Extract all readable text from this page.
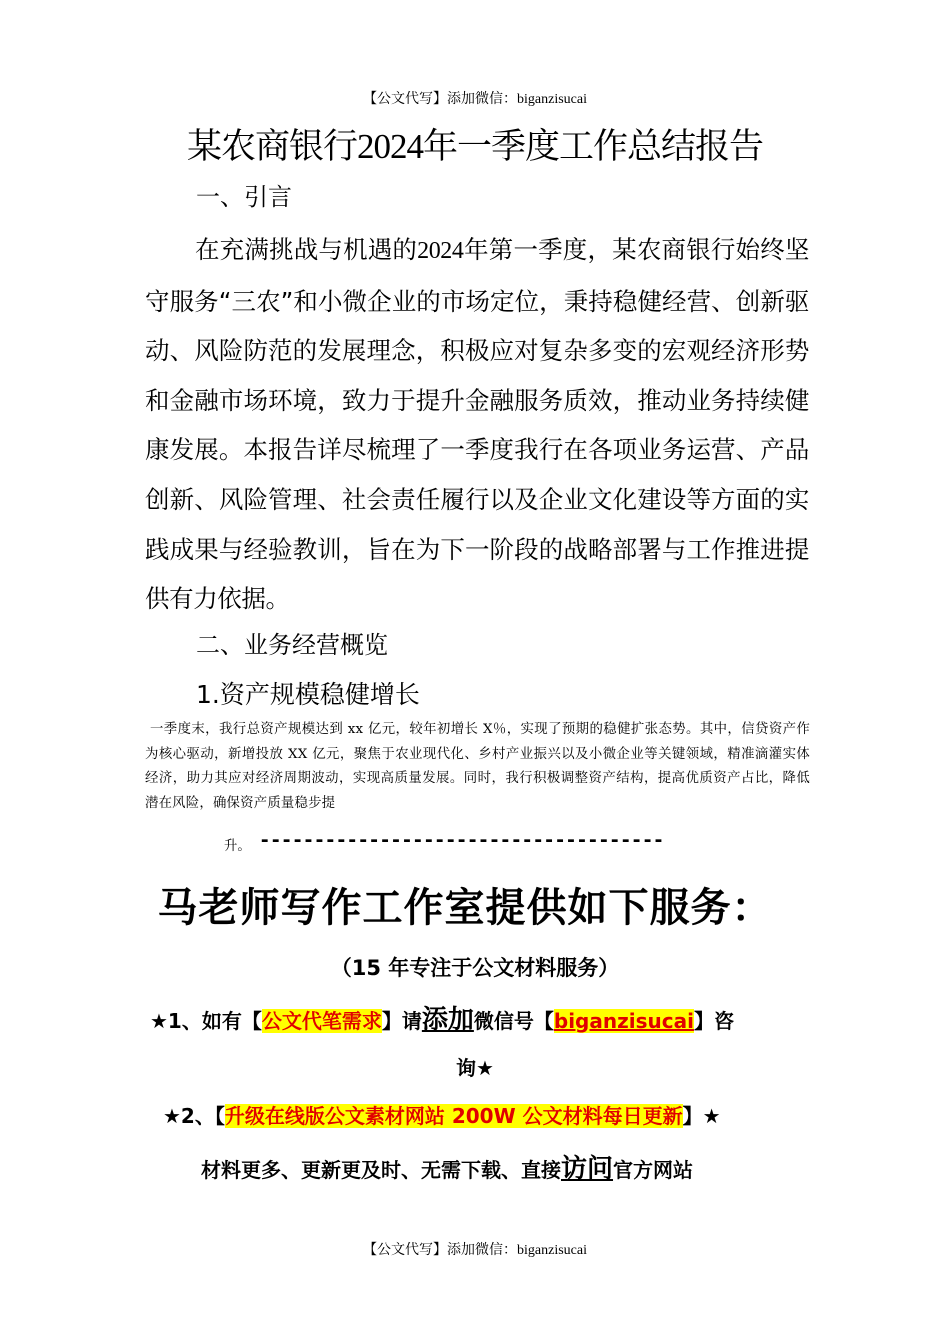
【公文代写】添加微信：biganzisucai
某农商银行2024年一季度工作总结报告
一、引言

在充满挑战与机遇的2024年第一季度，某农商银行始终坚守服务“三农”和小微企业的市场定位，秉持稳健经营、创新驱动、风险防范的发展理念，积极应对复杂多变的宏观经济形势和金融市场环境，致力于提升金融服务质效，推动业务持续健康发展。本报告详尽梳理了一季度我行在各项业务运营、产品创新、风险管理、社会责任履行以及企业文化建设等方面的实践成果与经验教训，旨在为下一阶段的战略部署与工作推进提供有力依据。

二、业务经营概览
1.资产规模稳健增长

一季度末，我行总资产规模达到 xx 亿元，较年初增长 X％，实现了预期的稳健扩张态势。其中，信贷资产作为核心驱动，新增投放 XX 亿元，聚焦于农业现代化、乡村产业振兴以及小微企业等关键领域，精准滴灌实体经济，助力其应对经济周期波动，实现高质量发展。同时，我行积极调整资产结构，提高优质资产占比，降低潜在风险，确保资产质量稳步提

升。 -------------------------------------
马老师写作工作室提供如下服务：
（15 年专注于公文材料服务）
★1、如有【公文代笔需求】请添加微信号【biganzisucai】咨
询★
★2、【升级在线版公文素材网站 200W 公文材料每日更新】★
材料更多、更新更及时、无需下载、直接访问官方网站
【公文代写】添加微信：biganzisucai
